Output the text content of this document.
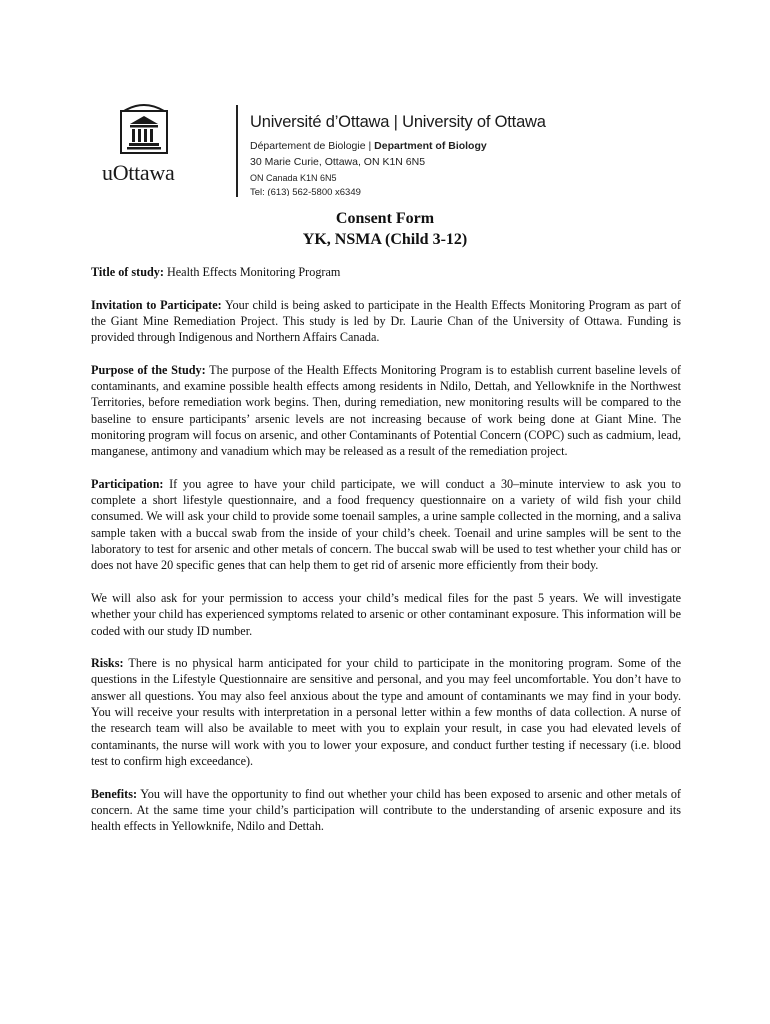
uOttawa
Université d’Ottawa | University of Ottawa
Département de Biologie | Department of Biology
30 Marie Curie, Ottawa, ON K1N 6N5
ON Canada K1N 6N5
Tel: (613) 562-5800 x6349
Consent Form
YK, NSMA (Child 3-12)

Title of study: Health Effects Monitoring Program

Invitation to Participate: Your child is being asked to participate in the Health Effects Monitoring Program as part of the Giant Mine Remediation Project. This study is led by Dr. Laurie Chan of the University of Ottawa. Funding is provided through Indigenous and Northern Affairs Canada.

Purpose of the Study: The purpose of the Health Effects Monitoring Program is to establish current baseline levels of contaminants, and examine possible health effects among residents in Ndilo, Dettah, and Yellowknife in the Northwest Territories, before remediation work begins. Then, during remediation, new monitoring results will be compared to the baseline to ensure participants’ arsenic levels are not increasing because of work being done at Giant Mine. The monitoring program will focus on arsenic, and other Contaminants of Potential Concern (COPC) such as cadmium, lead, manganese, antimony and vanadium which may be released as a result of the remediation project.

Participation: If you agree to have your child participate, we will conduct a 30–minute interview to ask you to complete a short lifestyle questionnaire, and a food frequency questionnaire on a variety of wild fish your child consumed. We will ask your child to provide some toenail samples, a urine sample collected in the morning, and a saliva sample taken with a buccal swab from the inside of your child’s cheek. Toenail and urine samples will be sent to the laboratory to test for arsenic and other metals of concern. The buccal swab will be used to test whether your child has or does not have 20 specific genes that can help them to get rid of arsenic more efficiently from their body.

We will also ask for your permission to access your child’s medical files for the past 5 years. We will investigate whether your child has experienced symptoms related to arsenic or other contaminant exposure. This information will be coded with our study ID number.

Risks: There is no physical harm anticipated for your child to participate in the monitoring program. Some of the questions in the Lifestyle Questionnaire are sensitive and personal, and you may feel uncomfortable. You don’t have to answer all questions. You may also feel anxious about the type and amount of contaminants we may find in your body. You will receive your results with interpretation in a personal letter within a few months of data collection. A nurse of the research team will also be available to meet with you to explain your result, in case you had elevated levels of contaminants, the nurse will work with you to lower your exposure, and conduct further testing if necessary (i.e. blood test to confirm high exceedance).

Benefits: You will have the opportunity to find out whether your child has been exposed to arsenic and other metals of concern. At the same time your child’s participation will contribute to the understanding of arsenic exposure and its health effects in Yellowknife, Ndilo and Dettah.
